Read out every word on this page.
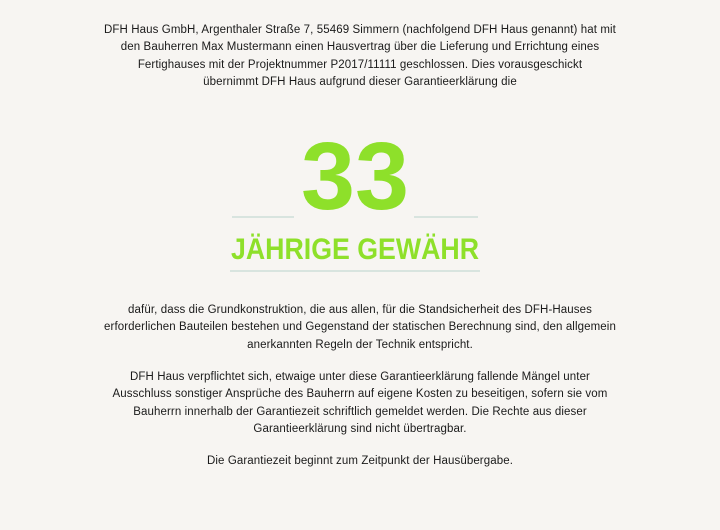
DFH Haus GmbH, Argenthaler Straße 7, 55469 Simmern (nachfolgend DFH Haus genannt) hat mit
den Bauherren Max Mustermann einen Hausvertrag über die Lieferung und Errichtung eines
Fertighauses mit der Projektnummer P2017/11111 geschlossen. Dies vorausgeschickt
übernimmt DFH Haus aufgrund dieser Garantieerklärung die
33
JÄHRIGE GEWÄHR
dafür, dass die Grundkonstruktion, die aus allen, für die Standsicherheit des DFH-Hauses
erforderlichen Bauteilen bestehen und Gegenstand der statischen Berechnung sind, den allgemein
anerkannten Regeln der Technik entspricht.
DFH Haus verpflichtet sich, etwaige unter diese Garantieerklärung fallende Mängel unter
Ausschluss sonstiger Ansprüche des Bauherrn auf eigene Kosten zu beseitigen, sofern sie vom
Bauherrn innerhalb der Garantiezeit schriftlich gemeldet werden. Die Rechte aus dieser
Garantieerklärung sind nicht übertragbar.
Die Garantiezeit beginnt zum Zeitpunkt der Hausübergabe.
